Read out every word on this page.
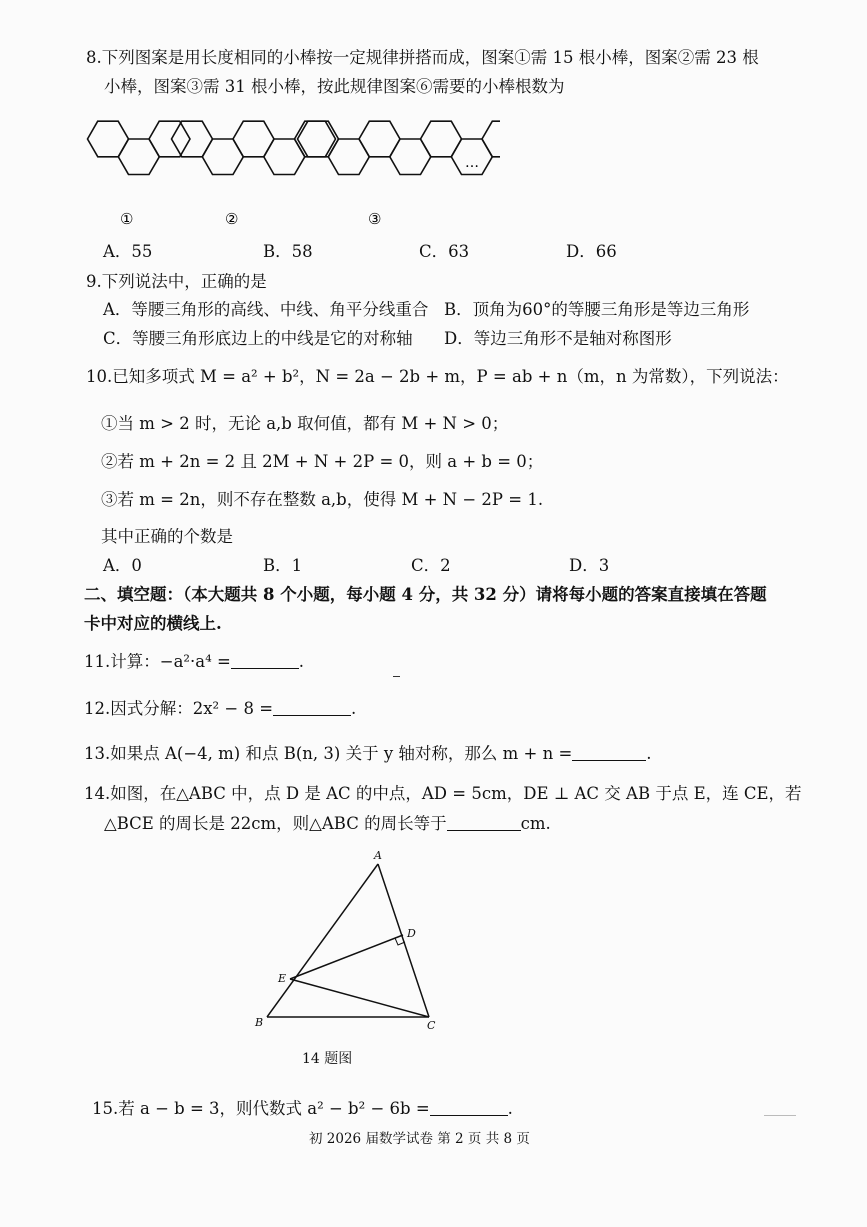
8.下列图案是用长度相同的小棒按一定规律拼搭而成，图案①需 15 根小棒，图案②需 23 根
小棒，图案③需 31 根小棒，按此规律图案⑥需要的小棒根数为
①	②	③
…
A．55	B．58	C．63	D．66
9.下列说法中，正确的是
A．等腰三角形的高线、中线、角平分线重合 B．顶角为60°的等腰三角形是等边三角形
C．等腰三角形底边上的中线是它的对称轴 D．等边三角形不是轴对称图形
10.已知多项式 M = a² + b²，N = 2a − 2b + m，P = ab + n（m，n 为常数），下列说法：
①当 m > 2 时，无论 a,b 取何值，都有 M + N > 0；
②若 m + 2n = 2 且 2M + N + 2P = 0，则 a + b = 0；
③若 m = 2n，则不存在整数 a,b，使得 M + N − 2P = 1.
其中正确的个数是
A．0	B．1	C．2	D．3
二、填空题：（本大题共 8 个小题，每小题 4 分，共 32 分）请将每小题的答案直接填在答题
卡中对应的横线上.
11.计算：−a²·a⁴ =	.
12.因式分解：2x² − 8 =	.
13.如果点 A(−4, m) 和点 B(n, 3) 关于 y 轴对称，那么 m + n =	.
14.如图，在△ABC 中，点 D 是 AC 的中点，AD = 5cm，DE ⊥ AC 交 AB 于点 E，连 CE，若
△BCE 的周长是 22cm，则△ABC 的周长等于	cm.
A
B	C
D
E
14 题图
15.若 a − b = 3，则代数式 a² − b² − 6b =	.
初 2026 届数学试卷 第 2 页 共 8 页
